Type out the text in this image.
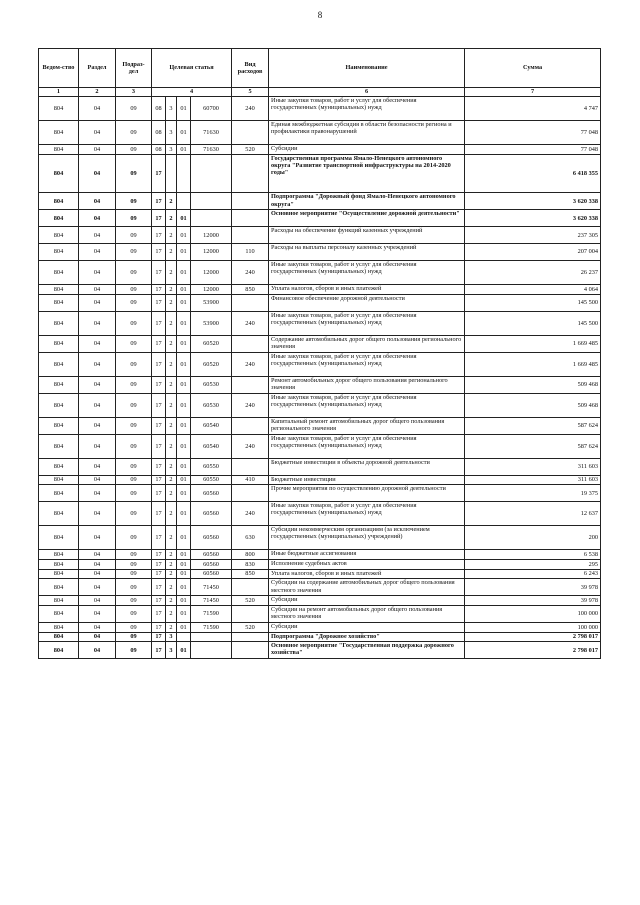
8
Ведом-ство	Раздел	Подраз-дел	Целевая статья				Вид расходов	Наименование	Сумма
1	2	3	4				5	6	7
804	04	09	08	3	01	60700	240	Иные закупки товаров, работ и услуг для обеспечения государственных (муниципальных) нужд	4 747
804	04	09	08	3	01	71630		Единая межбюджетная субсидия в области безопасности региона и профилактики правонарушений	77 048
804	04	09	08	3	01	71630	520	Субсидии	77 048
804	04	09	17					Государственная программа Ямало-Ненецкого автономного округа "Развитие транспортной инфраструктуры на 2014-2020 годы"	6 418 355
804	04	09	17	2				Подпрограмма "Дорожный фонд Ямало-Ненецкого автономного округа"	3 620 338
804	04	09	17	2	01			Основное мероприятие "Осуществление дорожной деятельности"	3 620 338
804	04	09	17	2	01	12000		Расходы на обеспечение функций казенных учреждений	237 305
804	04	09	17	2	01	12000	110	Расходы на выплаты персоналу казенных учреждений	207 004
804	04	09	17	2	01	12000	240	Иные закупки товаров, работ и услуг для обеспечения государственных (муниципальных) нужд	26 237
804	04	09	17	2	01	12000	850	Уплата налогов, сборов и иных платежей	4 064
804	04	09	17	2	01	53900		Финансовое обеспечение дорожной деятельности	145 500
804	04	09	17	2	01	53900	240	Иные закупки товаров, работ и услуг для обеспечения государственных (муниципальных) нужд	145 500
804	04	09	17	2	01	60520		Содержание автомобильных дорог общего пользования регионального значения	1 669 485
804	04	09	17	2	01	60520	240	Иные закупки товаров, работ и услуг для обеспечения государственных (муниципальных) нужд	1 669 485
804	04	09	17	2	01	60530		Ремонт автомобильных дорог общего пользования регионального значения	509 468
804	04	09	17	2	01	60530	240	Иные закупки товаров, работ и услуг для обеспечения государственных (муниципальных) нужд	509 468
804	04	09	17	2	01	60540		Капитальный ремонт автомобильных дорог общего пользования регионального значения	587 624
804	04	09	17	2	01	60540	240	Иные закупки товаров, работ и услуг для обеспечения государственных (муниципальных) нужд	587 624
804	04	09	17	2	01	60550		Бюджетные инвестиции в объекты дорожной деятельности	311 603
804	04	09	17	2	01	60550	410	Бюджетные инвестиции	311 603
804	04	09	17	2	01	60560		Прочие мероприятия по осуществлению дорожной деятельности	19 375
804	04	09	17	2	01	60560	240	Иные закупки товаров, работ и услуг для обеспечения государственных (муниципальных) нужд	12 637
804	04	09	17	2	01	60560	630	Субсидии некоммерческим организациям (за исключением государственных (муниципальных) учреждений)	200
804	04	09	17	2	01	60560	800	Иные бюджетные ассигнования	6 538
804	04	09	17	2	01	60560	830	Исполнение судебных актов	295
804	04	09	17	2	01	60560	850	Уплата налогов, сборов и иных платежей	6 243
804	04	09	17	2	01	71450		Субсидии на содержание автомобильных дорог общего пользования местного значения	39 978
804	04	09	17	2	01	71450	520	Субсидии	39 978
804	04	09	17	2	01	71590		Субсидии на ремонт автомобильных дорог общего пользования местного значения	100 000
804	04	09	17	2	01	71590	520	Субсидии	100 000
804	04	09	17	3				Подпрограмма "Дорожное хозяйство"	2 798 017
804	04	09	17	3	01			Основное мероприятие "Государственная поддержка дорожного хозяйства"	2 798 017
